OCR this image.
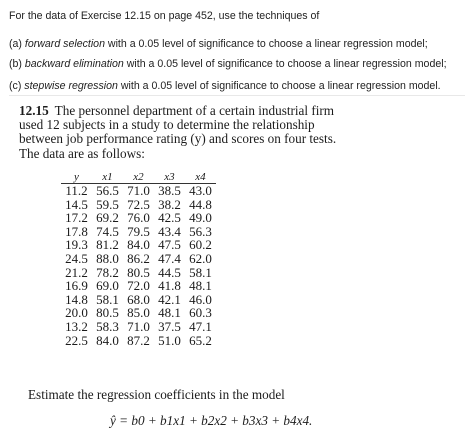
For the data of Exercise 12.15 on page 452, use the techniques of
(a) forward selection with a 0.05 level of significance to choose a linear regression model;
(b) backward elimination with a 0.05 level of significance to choose a linear regression model;
(c) stepwise regression with a 0.05 level of significance to choose a linear regression model.
12.15 The personnel department of a certain industrial firm used 12 subjects in a study to determine the relationship between job performance rating (y) and scores on four tests. The data are as follows:
y	x1	x2	x3	x4
11.2	56.5	71.0	38.5	43.0
14.5	59.5	72.5	38.2	44.8
17.2	69.2	76.0	42.5	49.0
17.8	74.5	79.5	43.4	56.3
19.3	81.2	84.0	47.5	60.2
24.5	88.0	86.2	47.4	62.0
21.2	78.2	80.5	44.5	58.1
16.9	69.0	72.0	41.8	48.1
14.8	58.1	68.0	42.1	46.0
20.0	80.5	85.0	48.1	60.3
13.2	58.3	71.0	37.5	47.1
22.5	84.0	87.2	51.0	65.2
Estimate the regression coefficients in the model
ŷ = b0 + b1x1 + b2x2 + b3x3 + b4x4.
